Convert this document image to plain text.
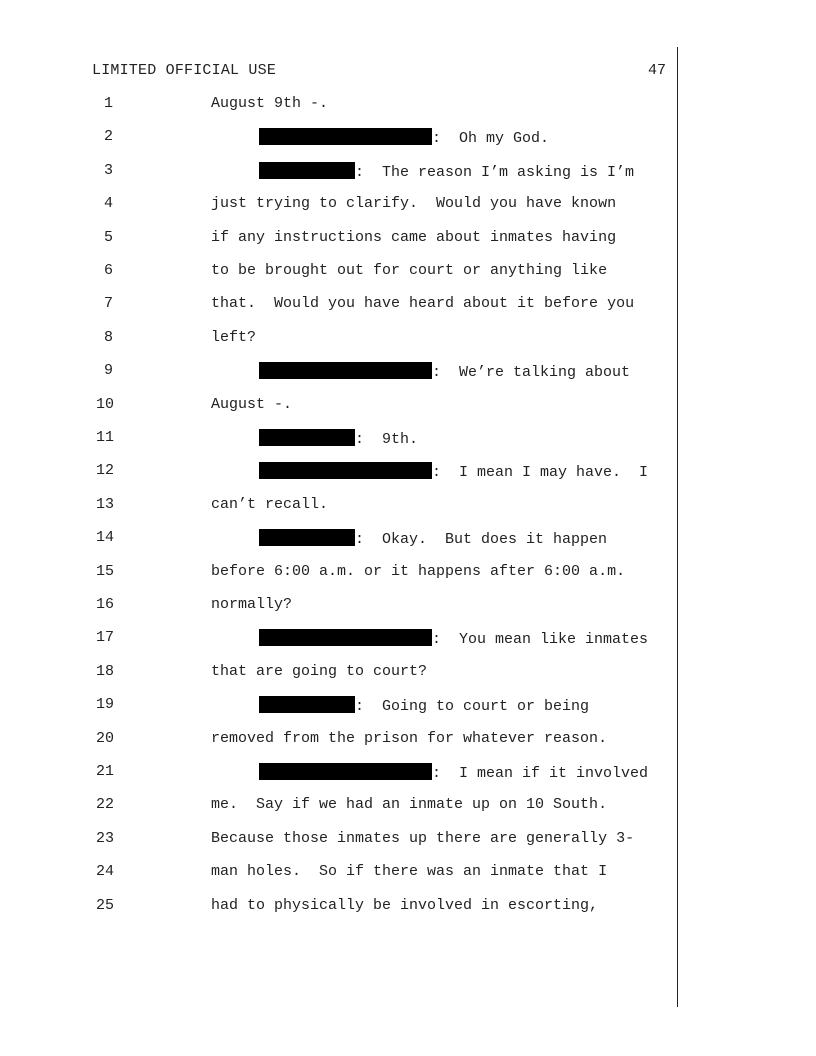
LIMITED OFFICIAL USE	47
1	August 9th -.
2	:  Oh my God.
3	:  The reason I’m asking is I’m
4	just trying to clarify.  Would you have known
5	if any instructions came about inmates having
6	to be brought out for court or anything like
7	that.  Would you have heard about it before you
8	left?
9	:  We’re talking about
10	August -.
11	:  9th.
12	:  I mean I may have.  I
13	can’t recall.
14	:  Okay.  But does it happen
15	before 6:00 a.m. or it happens after 6:00 a.m.
16	normally?
17	:  You mean like inmates
18	that are going to court?
19	:  Going to court or being
20	removed from the prison for whatever reason.
21	:  I mean if it involved
22	me.  Say if we had an inmate up on 10 South.
23	Because those inmates up there are generally 3-
24	man holes.  So if there was an inmate that I
25	had to physically be involved in escorting,
